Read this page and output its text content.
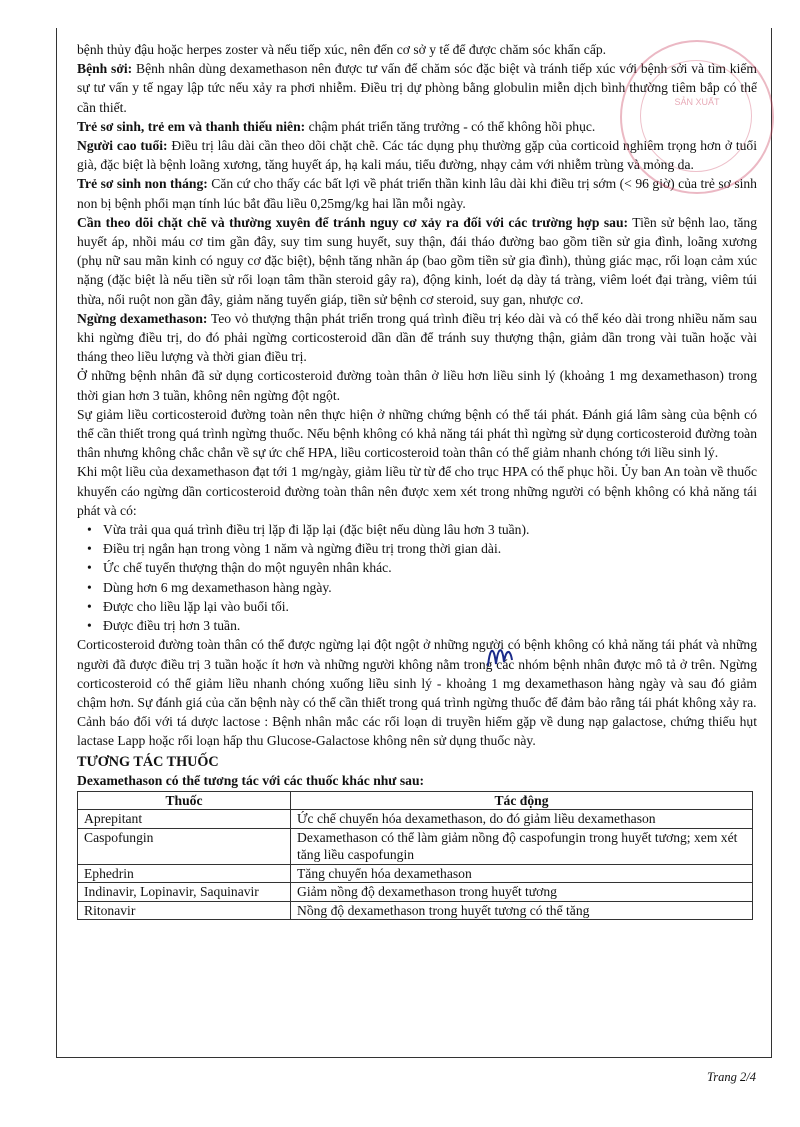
bệnh thủy đậu hoặc herpes zoster và nếu tiếp xúc, nên đến cơ sở y tế để được chăm sóc khẩn cấp.

Bệnh sởi: Bệnh nhân dùng dexamethason nên được tư vấn để chăm sóc đặc biệt và tránh tiếp xúc với bệnh sởi và tìm kiếm sự tư vấn y tế ngay lập tức nếu xảy ra phơi nhiễm. Điều trị dự phòng bằng globulin miễn dịch bình thường tiêm bắp có thể cần thiết.

Trẻ sơ sinh, trẻ em và thanh thiếu niên: chậm phát triển tăng trưởng - có thể không hồi phục.

Người cao tuổi: Điều trị lâu dài cần theo dõi chặt chẽ. Các tác dụng phụ thường gặp của corticoid nghiêm trọng hơn ở tuổi già, đặc biệt là bệnh loãng xương, tăng huyết áp, hạ kali máu, tiểu đường, nhạy cảm với nhiễm trùng và mỏng da.

Trẻ sơ sinh non tháng: Căn cứ cho thấy các bất lợi về phát triển thần kinh lâu dài khi điều trị sớm (< 96 giờ) của trẻ sơ sinh non bị bệnh phổi mạn tính lúc bắt đầu liều 0,25mg/kg hai lần mỗi ngày.

Cần theo dõi chặt chẽ và thường xuyên để tránh nguy cơ xảy ra đối với các trường hợp sau: Tiền sử bệnh lao, tăng huyết áp, nhồi máu cơ tim gần đây, suy tim sung huyết, suy thận, đái tháo đường bao gồm tiền sử gia đình, loãng xương (phụ nữ sau mãn kinh có nguy cơ đặc biệt), bệnh tăng nhãn áp (bao gồm tiền sử gia đình), thủng giác mạc, rối loạn cảm xúc nặng (đặc biệt là nếu tiền sử rối loạn tâm thần steroid gây ra), động kinh, loét dạ dày tá tràng, viêm loét đại tràng, viêm túi thừa, nối ruột non gần đây, giảm năng tuyến giáp, tiền sử bệnh cơ steroid, suy gan, nhược cơ.

Ngừng dexamethason: Teo vỏ thượng thận phát triển trong quá trình điều trị kéo dài và có thể kéo dài trong nhiều năm sau khi ngừng điều trị, do đó phải ngừng corticosteroid dần dần để tránh suy thượng thận, giảm dần trong vài tuần hoặc vài tháng theo liều lượng và thời gian điều trị.

Ở những bệnh nhân đã sử dụng corticosteroid đường toàn thân ở liều hơn liều sinh lý (khoảng 1 mg dexamethason) trong thời gian hơn 3 tuần, không nên ngừng đột ngột.

Sự giảm liều corticosteroid đường toàn nên thực hiện ở những chứng bệnh có thể tái phát. Đánh giá lâm sàng của bệnh có thể cần thiết trong quá trình ngừng thuốc. Nếu bệnh không có khả năng tái phát thì ngừng sử dụng corticosteroid đường toàn thân nhưng không chắc chắn về sự ức chế HPA, liều corticosteroid toàn thân có thể giảm nhanh chóng tới liều sinh lý.

Khi một liều của dexamethason đạt tới 1 mg/ngày, giảm liều từ từ để cho trục HPA có thể phục hồi. Ủy ban An toàn về thuốc khuyến cáo ngừng dần corticosteroid đường toàn thân nên được xem xét trong những người có bệnh không có khả năng tái phát và có:

• Vừa trải qua quá trình điều trị lặp đi lặp lại (đặc biệt nếu dùng lâu hơn 3 tuần).
• Điều trị ngắn hạn trong vòng 1 năm và ngừng điều trị trong thời gian dài.
• Ức chế tuyến thượng thận do một nguyên nhân khác.
• Dùng hơn 6 mg dexamethason hàng ngày.
• Được cho liều lặp lại vào buổi tối.
• Được điều trị hơn 3 tuần.

Corticosteroid đường toàn thân có thể được ngừng lại đột ngột ở những người có bệnh không có khả năng tái phát và những người đã được điều trị 3 tuần hoặc ít hơn và những người không nằm trong các nhóm bệnh nhân được mô tả ở trên. Ngừng corticosteroid có thể giảm liều nhanh chóng xuống liều sinh lý - khoảng 1 mg dexamethason hàng ngày và sau đó giảm chậm hơn. Sự đánh giá của căn bệnh này có thể cần thiết trong quá trình ngừng thuốc để đảm bảo rằng tái phát không xảy ra.

Cảnh báo đối với tá dược lactose : Bệnh nhân mắc các rối loạn di truyền hiếm gặp về dung nạp galactose, chứng thiếu hụt lactase Lapp hoặc rối loạn hấp thu Glucose-Galactose không nên sử dụng thuốc này.

TƯƠNG TÁC THUỐC
Dexamethason có thể tương tác với các thuốc khác như sau:
Thuốc	Tác động
Aprepitant	Ức chế chuyển hóa dexamethason, do đó giảm liều dexamethason
Caspofungin	Dexamethason có thể làm giảm nồng độ caspofungin trong huyết tương; xem xét tăng liều caspofungin
Ephedrin	Tăng chuyển hóa dexamethason
Indinavir, Lopinavir, Saquinavir	Giảm nồng độ dexamethason trong huyết tương
Ritonavir	Nồng độ dexamethason trong huyết tương có thể tăng
SẢN XUẤT
Trang 2/4
